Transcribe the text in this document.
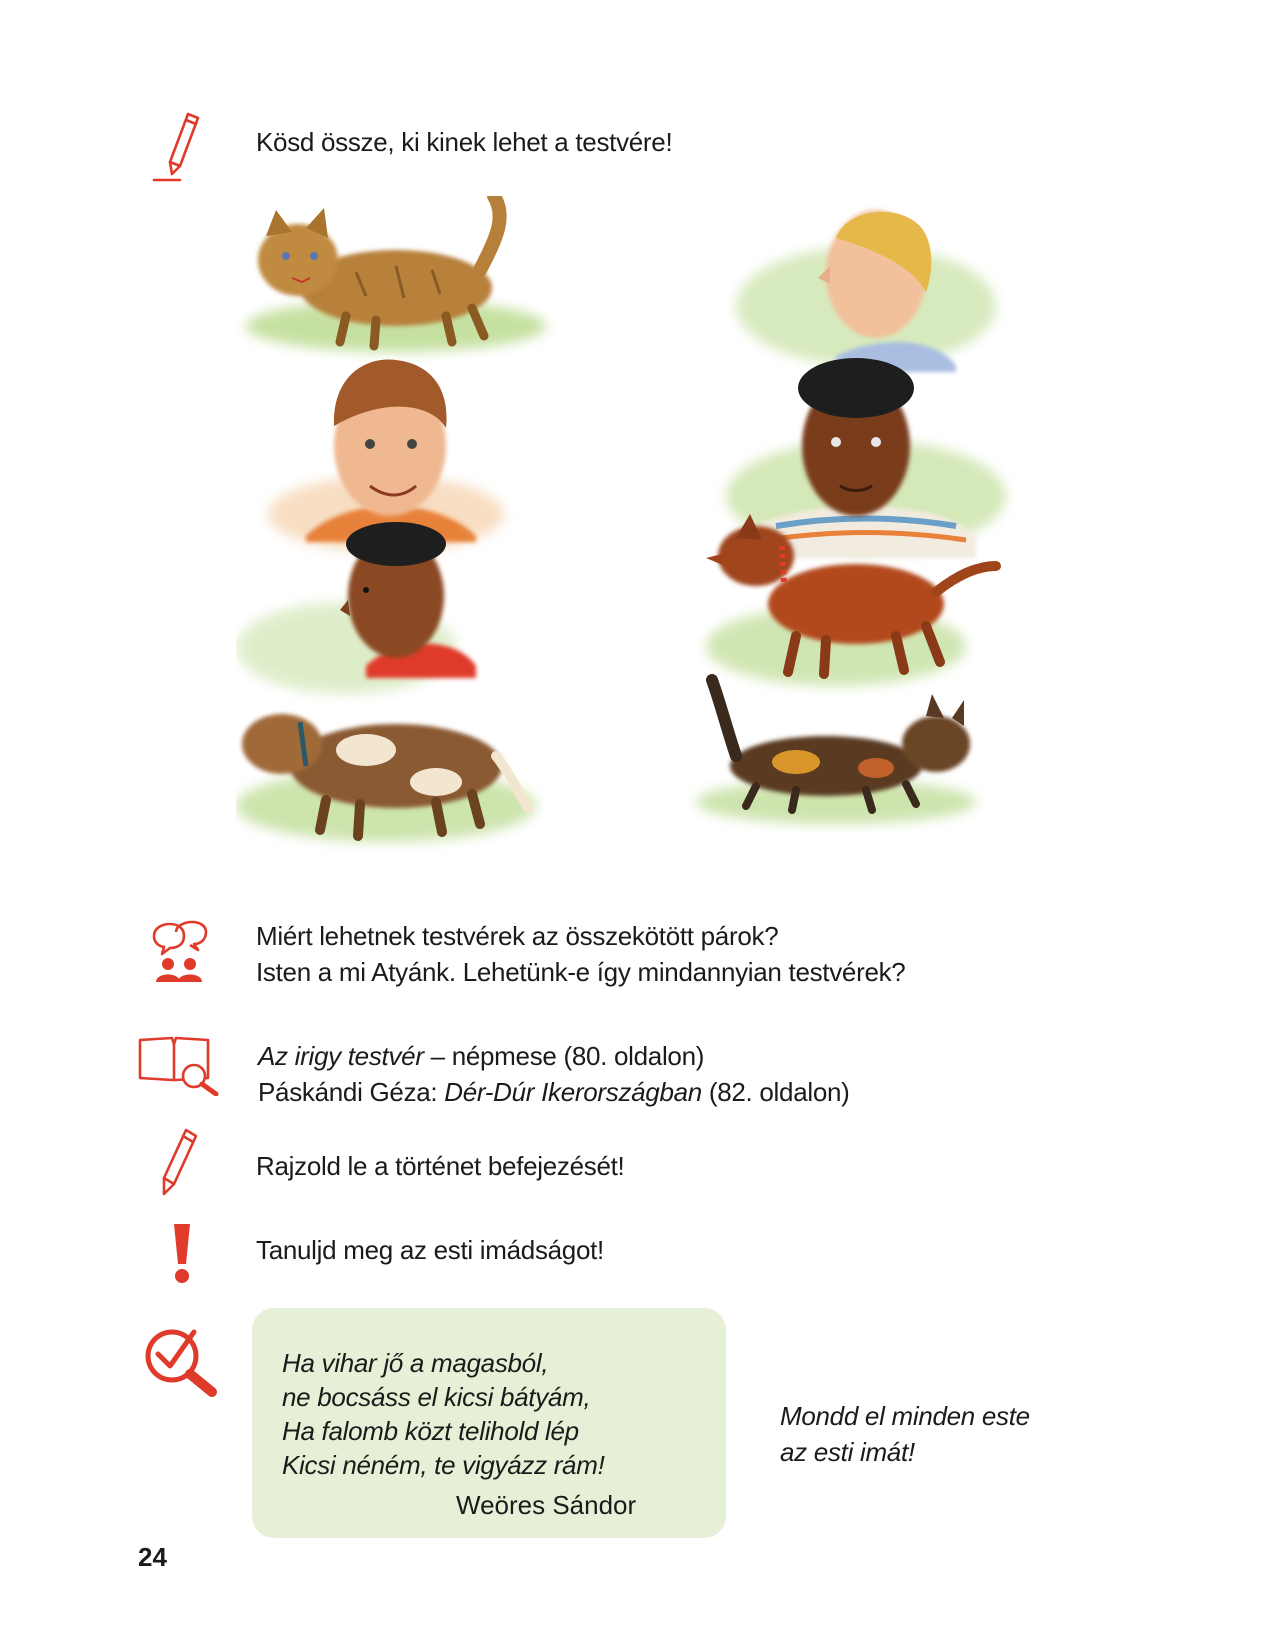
Kösd össze, ki kinek lehet a testvére!
Miért lehetnek testvérek az összekötött párok?
Isten a mi Atyánk. Lehetünk-e így mindannyian testvérek?
Az irigy testvér – népmese (80. oldalon)
Páskándi Géza: Dér-Dúr Ikerországban (82. oldalon)
Rajzold le a történet befejezését!
Tanuljd meg az esti imádságot!
Ha vihar jő a magasból,
ne bocsáss el kicsi bátyám,
Ha falomb közt telihold lép
Kicsi néném, te vigyázz rám!
Weöres Sándor
Mondd el minden este
az esti imát!
24
